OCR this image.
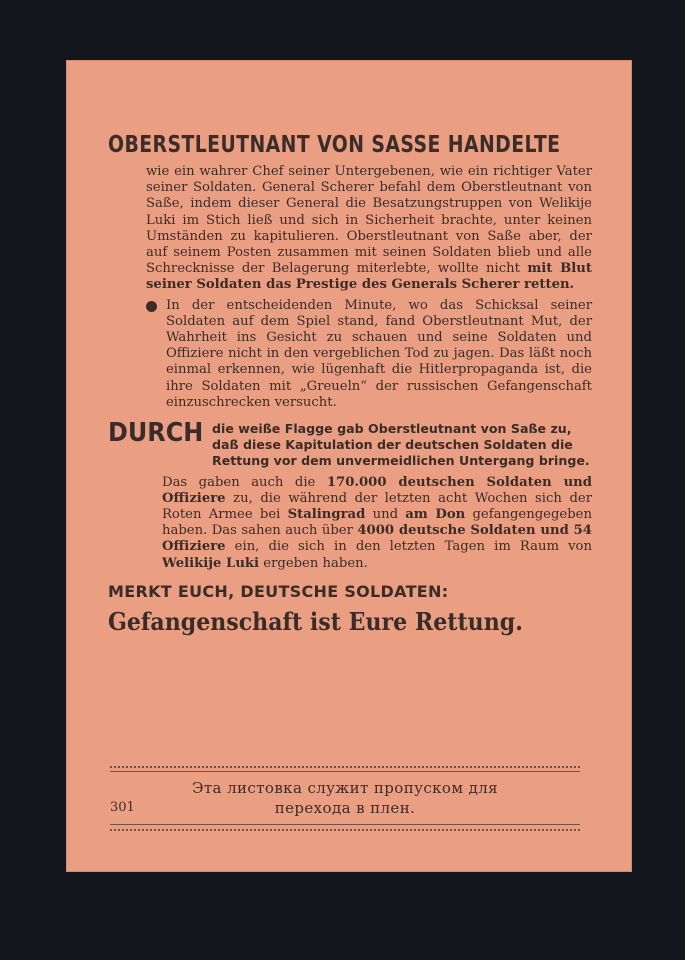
OBERSTLEUTNANT VON SASSE HANDELTE

wie ein wahrer Chef seiner Untergebenen, wie ein richtiger Vater seiner Soldaten. General Scherer befahl dem Oberstleutnant von Saße, indem dieser General die Besatzungstruppen von Welikije Luki im Stich ließ und sich in Sicherheit brachte, unter keinen Umständen zu kapitulieren. Oberstleutnant von Saße aber, der auf seinem Posten zusammen mit seinen Soldaten blieb und alle Schrecknisse der Belagerung miterlebte, wollte nicht mit Blut seiner Soldaten das Prestige des Generals Scherer retten.

In der entscheidenden Minute, wo das Schicksal seiner Soldaten auf dem Spiel stand, fand Oberstleutnant Mut, der Wahrheit ins Gesicht zu schauen und seine Soldaten und Offiziere nicht in den vergeblichen Tod zu jagen. Das läßt noch einmal erkennen, wie lügenhaft die Hitlerpropaganda ist, die ihre Soldaten mit „Greueln“ der russischen Gefangenschaft einzuschrecken versucht.

DURCH die weiße Flagge gab Oberstleutnant von Saße zu, daß diese Kapitulation der deutschen Soldaten die Rettung vor dem unvermeidlichen Untergang bringe.

Das gaben auch die 170.000 deutschen Soldaten und Offiziere zu, die während der letzten acht Wochen sich der Roten Armee bei Stalingrad und am Don gefangengegeben haben. Das sahen auch über 4000 deutsche Soldaten und 54 Offiziere ein, die sich in den letzten Tagen im Raum von Welikije Luki ergeben haben.

MERKT EUCH, DEUTSCHE SOLDATEN:
Gefangenschaft ist Eure Rettung.
Эта листовка служит пропуском для
перехода в плен.
301
